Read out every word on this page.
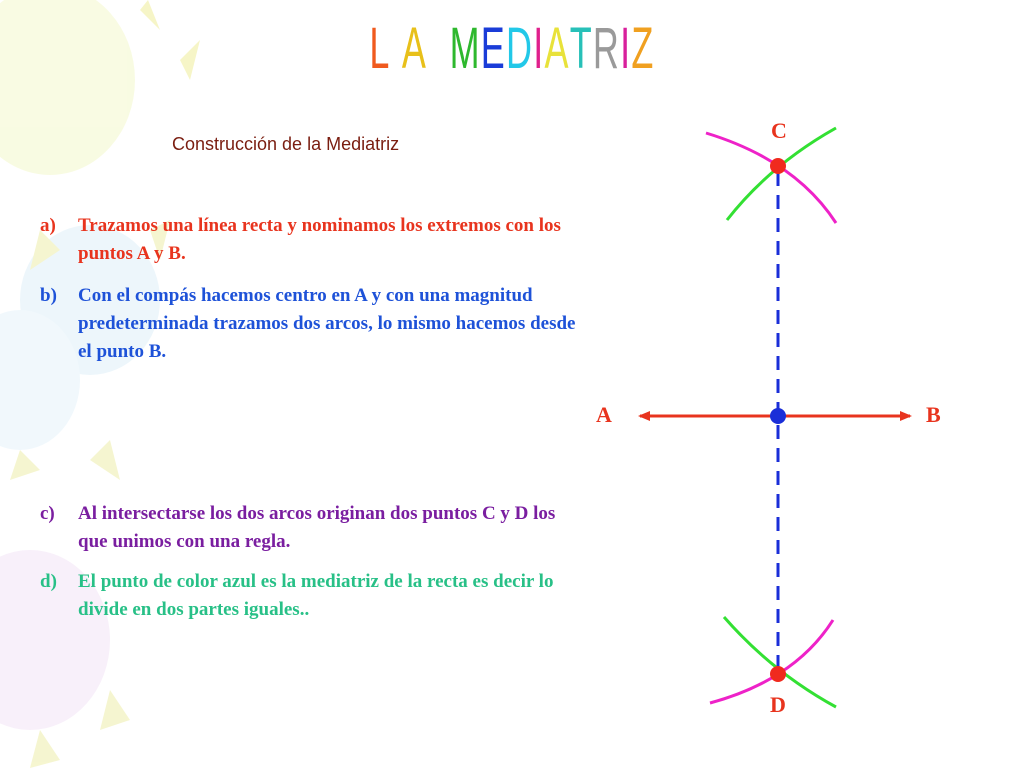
L A MEDIATRIZ

Construcción de la Mediatriz

a) Trazamos una línea recta y nominamos los extremos con los puntos A y B.
b) Con el compás hacemos centro en A y con una magnitud predeterminada trazamos dos arcos, lo mismo hacemos desde el punto B.
c) Al intersectarse los dos arcos originan dos puntos C y D los que unimos con una regla.
d) El punto de color azul es la mediatriz de la recta es decir lo divide en dos partes iguales..
C
D
A	B
